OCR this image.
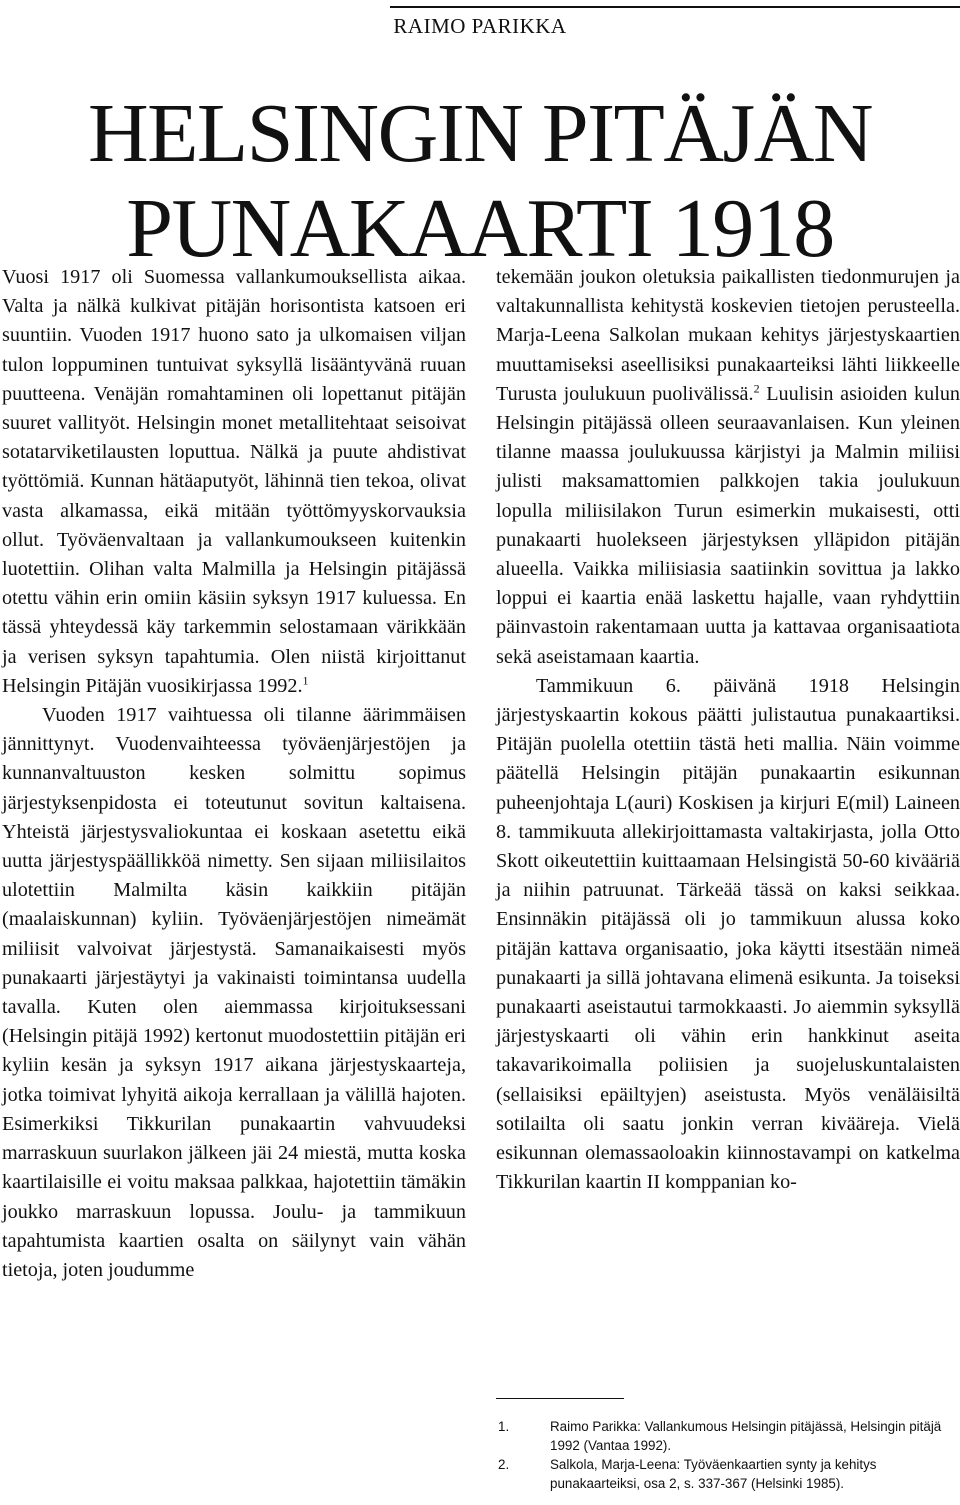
RAIMO PARIKKA
HELSINGIN PITÄJÄN
PUNAKAARTI 1918

Vuosi 1917 oli Suomessa vallankumouksellista aikaa. Valta ja nälkä kulkivat pitäjän horisontista katsoen eri suuntiin. Vuoden 1917 huono sato ja ulkomaisen viljan tulon loppuminen tuntuivat syksyllä lisääntyvänä ruuan puutteena. Venäjän romahtaminen oli lopettanut pitäjän suuret vallityöt. Helsingin monet metallitehtaat seisoivat sotatarviketilausten loputtua. Nälkä ja puute ahdistivat työttömiä. Kunnan hätäaputyöt, lähinnä tien tekoa, olivat vasta alkamassa, eikä mitään työttömyyskorvauksia ollut. Työväenvaltaan ja vallankumoukseen kuitenkin luotettiin. Olihan valta Malmilla ja Helsingin pitäjässä otettu vähin erin omiin käsiin syksyn 1917 kuluessa. En tässä yhteydessä käy tarkemmin selostamaan värikkään ja verisen syksyn tapahtumia. Olen niistä kirjoittanut Helsingin Pitäjän vuosikirjassa 1992.$^1$

Vuoden 1917 vaihtuessa oli tilanne äärimmäisen jännittynyt. Vuodenvaihteessa työväenjärjestöjen ja kunnanvaltuuston kesken solmittu sopimus järjestyksenpidosta ei toteutunut sovitun kaltaisena. Yhteistä järjestysvaliokuntaa ei koskaan asetettu eikä uutta järjestyspäällikköä nimetty. Sen sijaan miliisilaitos ulotettiin Malmilta käsin kaikkiin pitäjän (maalaiskunnan) kyliin. Työväenjärjestöjen nimeämät miliisit valvoivat järjestystä. Samanaikaisesti myös punakaarti järjestäytyi ja vakinaisti toimintansa uudella tavalla. Kuten olen aiemmassa kirjoituksessani (Helsingin pitäjä 1992) kertonut muodostettiin pitäjän eri kyliin kesän ja syksyn 1917 aikana järjestyskaarteja, jotka toimivat lyhyitä aikoja kerrallaan ja välillä hajoten. Esimerkiksi Tikkurilan punakaartin vahvuudeksi marraskuun suurlakon jälkeen jäi 24 miestä, mutta koska kaartilaisille ei voitu maksaa palkkaa, hajotettiin tämäkin joukko marraskuun lopussa. Joulu- ja tammikuun tapahtumista kaartien osalta on säilynyt vain vähän tietoja, joten joudumme

tekemään joukon oletuksia paikallisten tiedonmurujen ja valtakunnallista kehitystä koskevien tietojen perusteella. Marja-Leena Salkolan mukaan kehitys järjestyskaartien muuttamiseksi aseellisiksi punakaarteiksi lähti liikkeelle Turusta joulukuun puolivälissä.$^2$ Luulisin asioiden kulun Helsingin pitäjässä olleen seuraavanlaisen. Kun yleinen tilanne maassa joulukuussa kärjistyi ja Malmin miliisi julisti maksamattomien palkkojen takia joulukuun lopulla miliisilakon Turun esimerkin mukaisesti, otti punakaarti huolekseen järjestyksen ylläpidon pitäjän alueella. Vaikka miliisiasia saatiinkin sovittua ja lakko loppui ei kaartia enää laskettu hajalle, vaan ryhdyttiin päinvastoin rakentamaan uutta ja kattavaa organisaatiota sekä aseistamaan kaartia.

Tammikuun 6. päivänä 1918 Helsingin järjestyskaartin kokous päätti julistautua punakaartiksi. Pitäjän puolella otettiin tästä heti mallia. Näin voimme päätellä Helsingin pitäjän punakaartin esikunnan puheenjohtaja L(auri) Koskisen ja kirjuri E(mil) Laineen 8. tammikuuta allekirjoittamasta valtakirjasta, jolla Otto Skott oikeutettiin kuittaamaan Helsingistä 50-60 kivääriä ja niihin patruunat. Tärkeää tässä on kaksi seikkaa. Ensinnäkin pitäjässä oli jo tammikuun alussa koko pitäjän kattava organisaatio, joka käytti itsestään nimeä punakaarti ja sillä johtavana elimenä esikunta. Ja toiseksi punakaarti aseistautui tarmokkaasti. Jo aiemmin syksyllä järjestyskaarti oli vähin erin hankkinut aseita takavarikoimalla poliisien ja suojeluskuntalaisten (sellaisiksi epäiltyjen) aseistusta. Myös venäläisiltä sotilailta oli saatu jonkin verran kivääreja. Vielä esikunnan olemassaoloakin kiinnostavampi on katkelma Tikkurilan kaartin II komppanian ko-

1.	Raimo Parikka: Vallankumous Helsingin pitäjässä, Helsingin pitäjä 1992 (Vantaa 1992).
2.	Salkola, Marja-Leena: Työväenkaartien synty ja kehitys punakaarteiksi, osa 2, s. 337-367 (Helsinki 1985).
